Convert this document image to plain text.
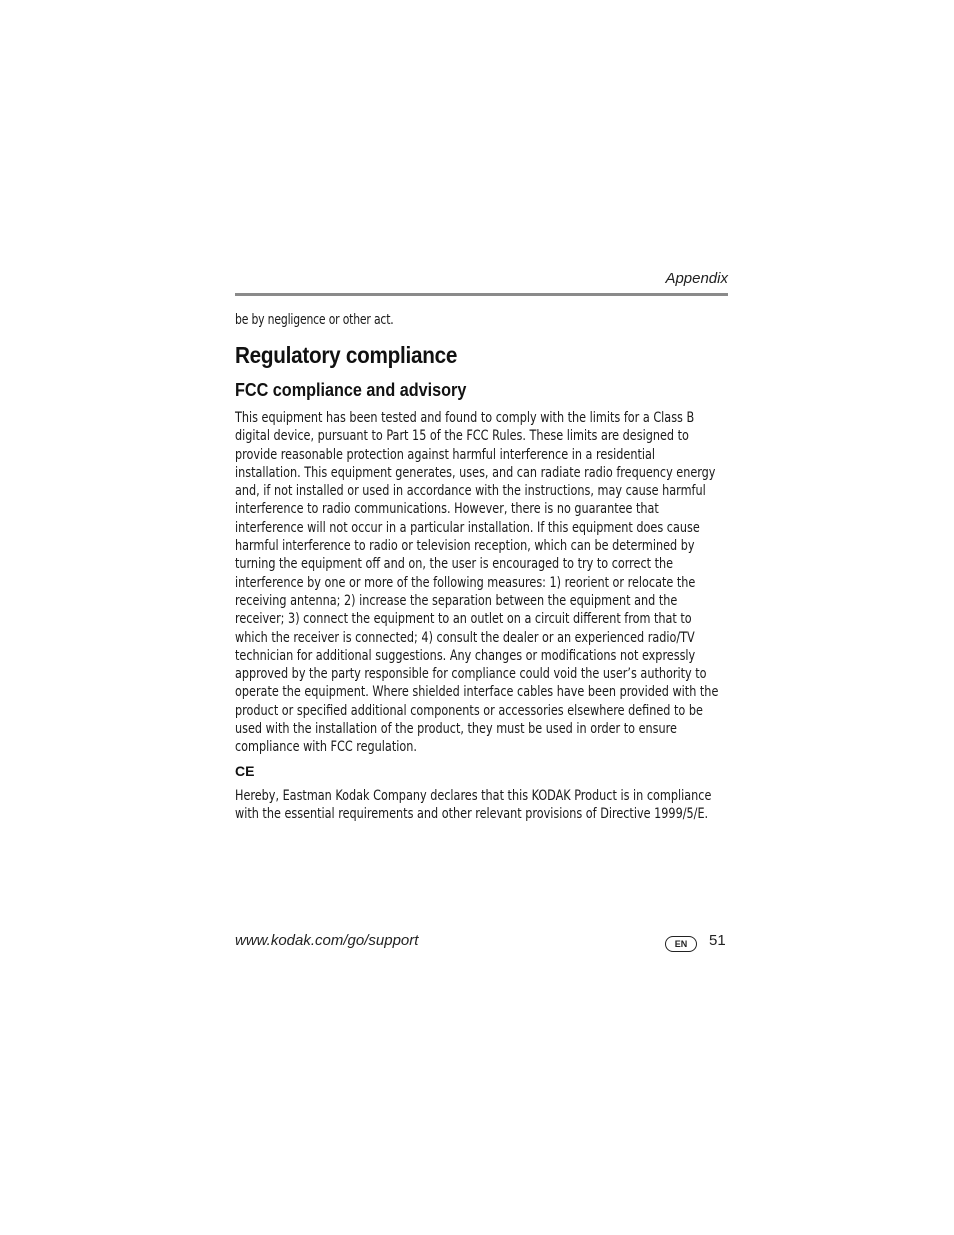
Appendix
be by negligence or other act.
Regulatory compliance
FCC compliance and advisory
This equipment has been tested and found to comply with the limits for a Class B
digital device, pursuant to Part 15 of the FCC Rules. These limits are designed to
provide reasonable protection against harmful interference in a residential
installation. This equipment generates, uses, and can radiate radio frequency energy
and, if not installed or used in accordance with the instructions, may cause harmful
interference to radio communications. However, there is no guarantee that
interference will not occur in a particular installation. If this equipment does cause
harmful interference to radio or television reception, which can be determined by
turning the equipment off and on, the user is encouraged to try to correct the
interference by one or more of the following measures: 1) reorient or relocate the
receiving antenna; 2) increase the separation between the equipment and the
receiver; 3) connect the equipment to an outlet on a circuit different from that to
which the receiver is connected; 4) consult the dealer or an experienced radio/TV
technician for additional suggestions. Any changes or modifications not expressly
approved by the party responsible for compliance could void the user’s authority to
operate the equipment. Where shielded interface cables have been provided with the
product or specified additional components or accessories elsewhere defined to be
used with the installation of the product, they must be used in order to ensure
compliance with FCC regulation.
CE
Hereby, Eastman Kodak Company declares that this KODAK Product is in compliance
with the essential requirements and other relevant provisions of Directive 1999/5/E.
www.kodak.com/go/support	EN	51
